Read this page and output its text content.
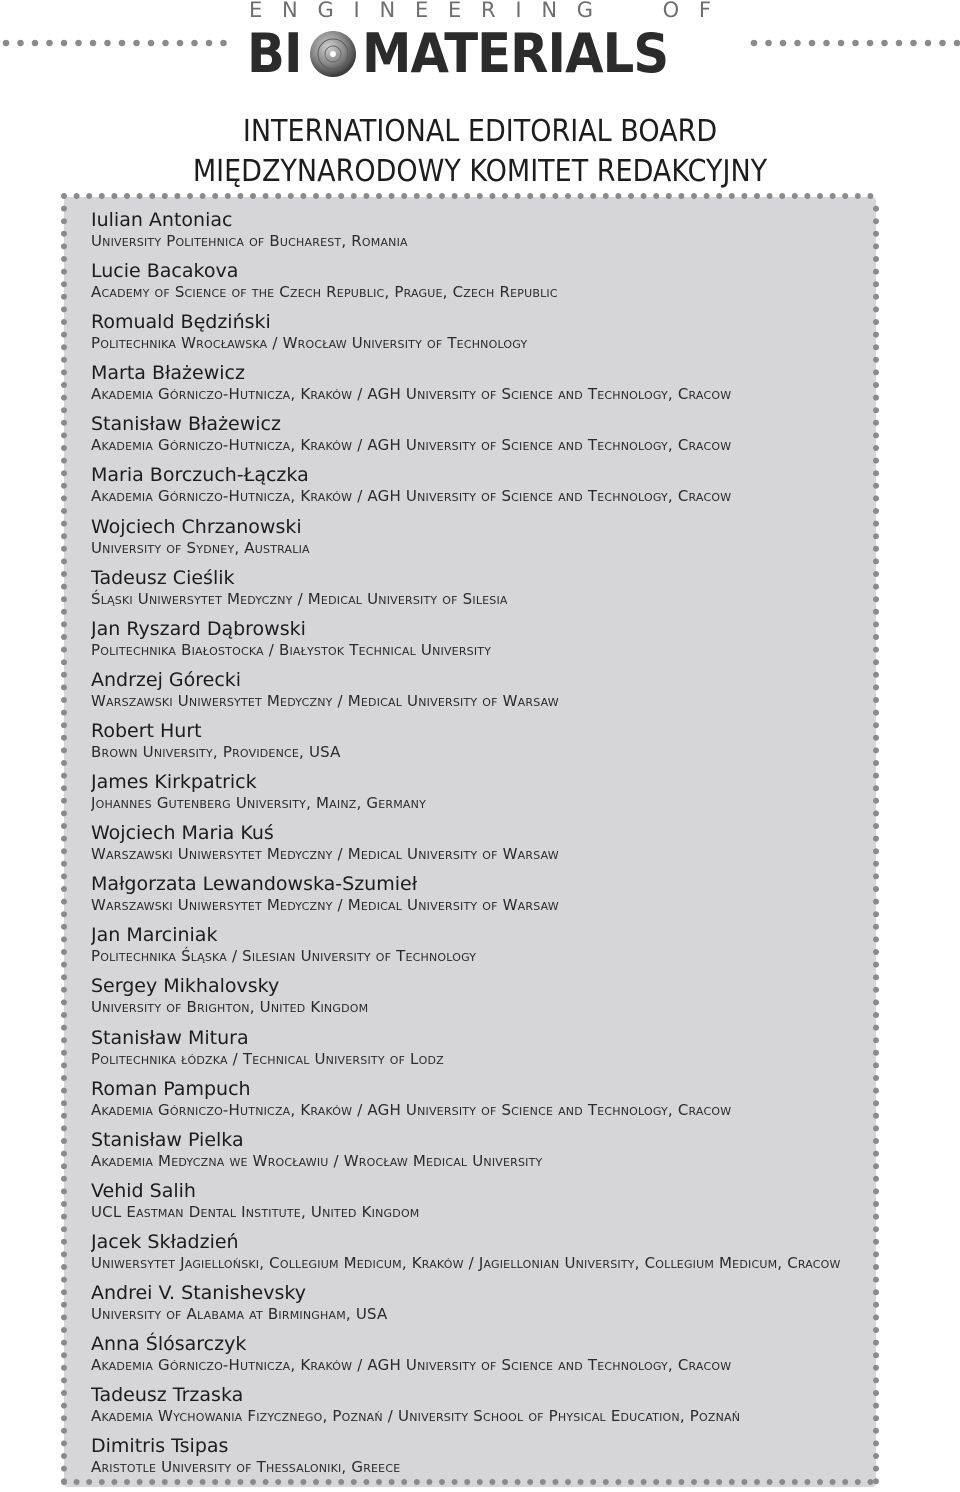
E N G I N E E R I N G	O F
BI MATERIALS
INTERNATIONAL EDITORIAL BOARD
MIĘDZYNARODOWY KOMITET REDAKCYJNY
Iulian Antoniac
University Politehnica of Bucharest, Romania
Lucie Bacakova
Academy of Science of the Czech Republic, Prague, Czech Republic
Romuald Będziński
Politechnika Wrocławska / Wrocław University of Technology
Marta Błażewicz
Akademia Górniczo-Hutnicza, Kraków / AGH University of Science and Technology, Cracow
Stanisław Błażewicz
Akademia Górniczo-Hutnicza, Kraków / AGH University of Science and Technology, Cracow
Maria Borczuch-Łączka
Akademia Górniczo-Hutnicza, Kraków / AGH University of Science and Technology, Cracow
Wojciech Chrzanowski
University of Sydney, Australia
Tadeusz Cieślik
Śląski Uniwersytet Medyczny / Medical University of Silesia
Jan Ryszard Dąbrowski
Politechnika Białostocka / Białystok Technical University
Andrzej Górecki
Warszawski Uniwersytet Medyczny / Medical University of Warsaw
Robert Hurt
Brown University, Providence, USA
James Kirkpatrick
Johannes Gutenberg University, Mainz, Germany
Wojciech Maria Kuś
Warszawski Uniwersytet Medyczny / Medical University of Warsaw
Małgorzata Lewandowska-Szumieł
Warszawski Uniwersytet Medyczny / Medical University of Warsaw
Jan Marciniak
Politechnika Śląska / Silesian University of Technology
Sergey Mikhalovsky
University of Brighton, United Kingdom
Stanisław Mitura
Politechnika łódzka / Technical University of Lodz
Roman Pampuch
Akademia Górniczo-Hutnicza, Kraków / AGH University of Science and Technology, Cracow
Stanisław Pielka
Akademia Medyczna we Wrocławiu / Wrocław Medical University
Vehid Salih
UCL Eastman Dental Institute, United Kingdom
Jacek Składzień
Uniwersytet Jagielloński, Collegium Medicum, Kraków / Jagiellonian University, Collegium Medicum, Cracow
Andrei V. Stanishevsky
University of Alabama at Birmingham, USA
Anna Ślósarczyk
Akademia Górniczo-Hutnicza, Kraków / AGH University of Science and Technology, Cracow
Tadeusz Trzaska
Akademia Wychowania Fizycznego, Poznań / University School of Physical Education, Poznań
Dimitris Tsipas
Aristotle University of Thessaloniki, Greece
